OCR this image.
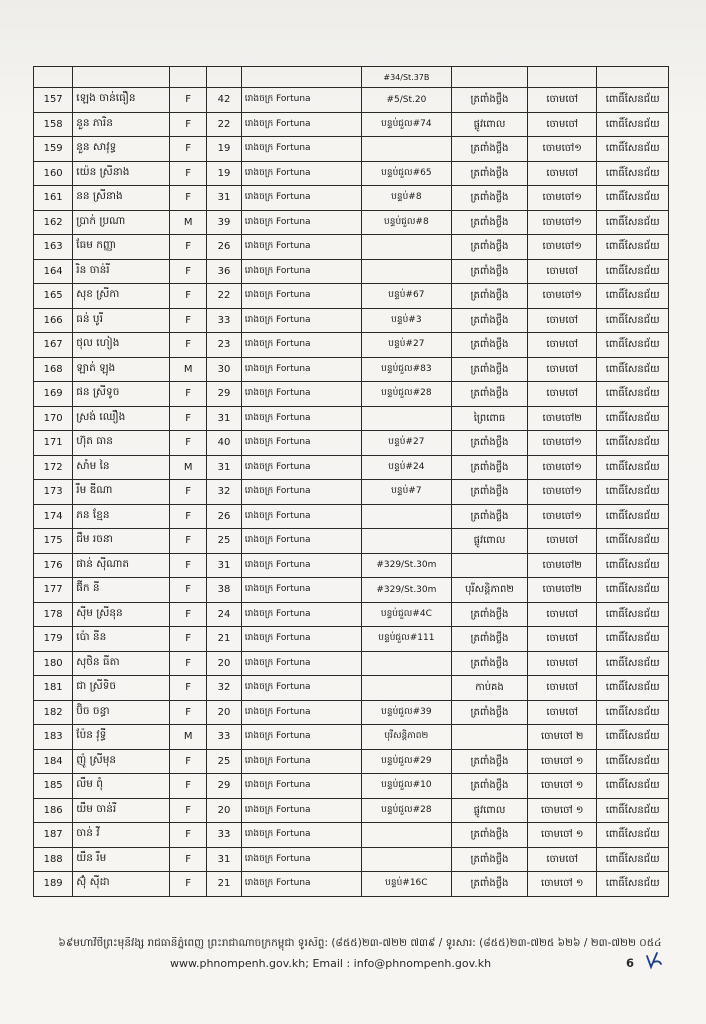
					#34/St.37B			
157	ឡេង ចាន់ធឿន	F	42	រោងចក្រ Fortuna	#5/St.20	ត្រពាំងថ្លឹង	ចោមចៅ	ពោធិ៍សែនជ័យ
158	នួន ភារិន	F	22	រោងចក្រ Fortuna	បន្ទប់ជួល#74	ផ្លូវពោល	ចោមចៅ	ពោធិ៍សែនជ័យ
159	នួន សាវុទ្ធ	F	19	រោងចក្រ Fortuna		ត្រពាំងថ្លឹង	ចោមចៅ១	ពោធិ៍សែនជ័យ
160	យ៉េន ស្រីនាង	F	19	រោងចក្រ Fortuna	បន្ទប់ជួល#65	ត្រពាំងថ្លឹង	ចោមចៅ	ពោធិ៍សែនជ័យ
161	នន ស្រីនាង	F	31	រោងចក្រ Fortuna	បន្ទប់#8	ត្រពាំងថ្លឹង	ចោមចៅ១	ពោធិ៍សែនជ័យ
162	ប្រាក់ ប្រណា	M	39	រោងចក្រ Fortuna	បន្ទប់ជួល#8	ត្រពាំងថ្លឹង	ចោមចៅ១	ពោធិ៍សែនជ័យ
163	ធែម កញ្ញា	F	26	រោងចក្រ Fortuna		ត្រពាំងថ្លឹង	ចោមចៅ១	ពោធិ៍សែនជ័យ
164	រិន ចាន់រី	F	36	រោងចក្រ Fortuna		ត្រពាំងថ្លឹង	ចោមចៅ	ពោធិ៍សែនជ័យ
165	សុខ ស្រីកា	F	22	រោងចក្រ Fortuna	បន្ទប់#67	ត្រពាំងថ្លឹង	ចោមចៅ១	ពោធិ៍សែនជ័យ
166	ធន់ បូរី	F	33	រោងចក្រ Fortuna	បន្ទប់#3	ត្រពាំងថ្លឹង	ចោមចៅ	ពោធិ៍សែនជ័យ
167	ថុល ហៀង	F	23	រោងចក្រ Fortuna	បន្ទប់#27	ត្រពាំងថ្លឹង	ចោមចៅ	ពោធិ៍សែនជ័យ
168	ឡាត់ ឡុង	M	30	រោងចក្រ Fortuna	បន្ទប់ជួល#83	ត្រពាំងថ្លឹង	ចោមចៅ	ពោធិ៍សែនជ័យ
169	ផន ស្រីទូច	F	29	រោងចក្រ Fortuna	បន្ទប់ជួល#28	ត្រពាំងថ្លឹង	ចោមចៅ	ពោធិ៍សែនជ័យ
170	ស្រង់ ឈឿង	F	31	រោងចក្រ Fortuna		ព្រៃពោធ	ចោមចៅ២	ពោធិ៍សែនជ័យ
171	ហ៊ុត ធាន	F	40	រោងចក្រ Fortuna	បន្ទប់#27	ត្រពាំងថ្លឹង	ចោមចៅ១	ពោធិ៍សែនជ័យ
172	សាំម នៃ	M	31	រោងចក្រ Fortuna	បន្ទប់#24	ត្រពាំងថ្លឹង	ចោមចៅ១	ពោធិ៍សែនជ័យ
173	រឹម ឌីណា	F	32	រោងចក្រ Fortuna	បន្ទប់#7	ត្រពាំងថ្លឹង	ចោមចៅ១	ពោធិ៍សែនជ័យ
174	ភន ខ្មែន	F	26	រោងចក្រ Fortuna		ត្រពាំងថ្លឹង	ចោមចៅ១	ពោធិ៍សែនជ័យ
175	ជឹម រចនា	F	25	រោងចក្រ Fortuna		ផ្លូវពោល	ចោមចៅ	ពោធិ៍សែនជ័យ
176	ផាន់ ស៊ីណាត	F	31	រោងចក្រ Fortuna	#329/St.30m		ចោមចៅ២	ពោធិ៍សែនជ័យ
177	ផ៊ីក នី	F	38	រោងចក្រ Fortuna	#329/St.30m	បុរីសន្តិភាព២	ចោមចៅ២	ពោធិ៍សែនជ័យ
178	ស៊ីម ស្រីនុន	F	24	រោងចក្រ Fortuna	បន្ទប់ជួល#4C	ត្រពាំងថ្លឹង	ចោមចៅ	ពោធិ៍សែនជ័យ
179	ប៉ោ នីន	F	21	រោងចក្រ Fortuna	បន្ទប់ជួល#111	ត្រពាំងថ្លឹង	ចោមចៅ	ពោធិ៍សែនជ័យ
180	សុថិន ធីតា	F	20	រោងចក្រ Fortuna		ត្រពាំងថ្លឹង	ចោមចៅ	ពោធិ៍សែនជ័យ
181	ជា ស្រីទិច	F	32	រោងចក្រ Fortuna		កាប់គង	ចោមចៅ	ពោធិ៍សែនជ័យ
182	ប៊ិច ចន្ធា	F	20	រោងចក្រ Fortuna	បន្ទប់ជួល#39	ត្រពាំងថ្លឹង	ចោមចៅ	ពោធិ៍សែនជ័យ
183	ប៉ែន វុទ្ធី	M	33	រោងចក្រ Fortuna	បុរីសន្តិភាព២		ចោមចៅ ២	ពោធិ៍សែនជ័យ
184	ញ៉ូ ស្រីមុន	F	25	រោងចក្រ Fortuna	បន្ទប់ជួល#29	ត្រពាំងថ្លឹង	ចោមចៅ ១	ពោធិ៍សែនជ័យ
185	លឹម ពុំ	F	29	រោងចក្រ Fortuna	បន្ទប់ជួល#10	ត្រពាំងថ្លឹង	ចោមចៅ ១	ពោធិ៍សែនជ័យ
186	យឹម ចាន់រី	F	20	រោងចក្រ Fortuna	បន្ទប់ជួល#28	ផ្លូវពោល	ចោមចៅ ១	ពោធិ៍សែនជ័យ
187	ចាន់ វី	F	33	រោងចក្រ Fortuna		ត្រពាំងថ្លឹង	ចោមចៅ ១	ពោធិ៍សែនជ័យ
188	យឹន រឹម	F	31	រោងចក្រ Fortuna		ត្រពាំងថ្លឹង	ចោមចៅ	ពោធិ៍សែនជ័យ
189	ស៊ុំ ស៊ីដា	F	21	រោងចក្រ Fortuna	បន្ទប់#16C	ត្រពាំងថ្លឹង	ចោមចៅ ១	ពោធិ៍សែនជ័យ
៦៩មហាវិថីព្រះមុនីវង្ស រាជធានីភ្នំពេញ ព្រះរាជាណាចក្រកម្ពុជា ទូរស័ព្ទ: (៨៥៥)២៣-៧២២ ៧៣៩ / ទូរសារ: (៨៥៥)២៣-៧២៥ ៦២៦ / ២៣-៧២២ ០៥៤
www.phnompenh.gov.kh; Email : info@phnompenh.gov.kh	6
